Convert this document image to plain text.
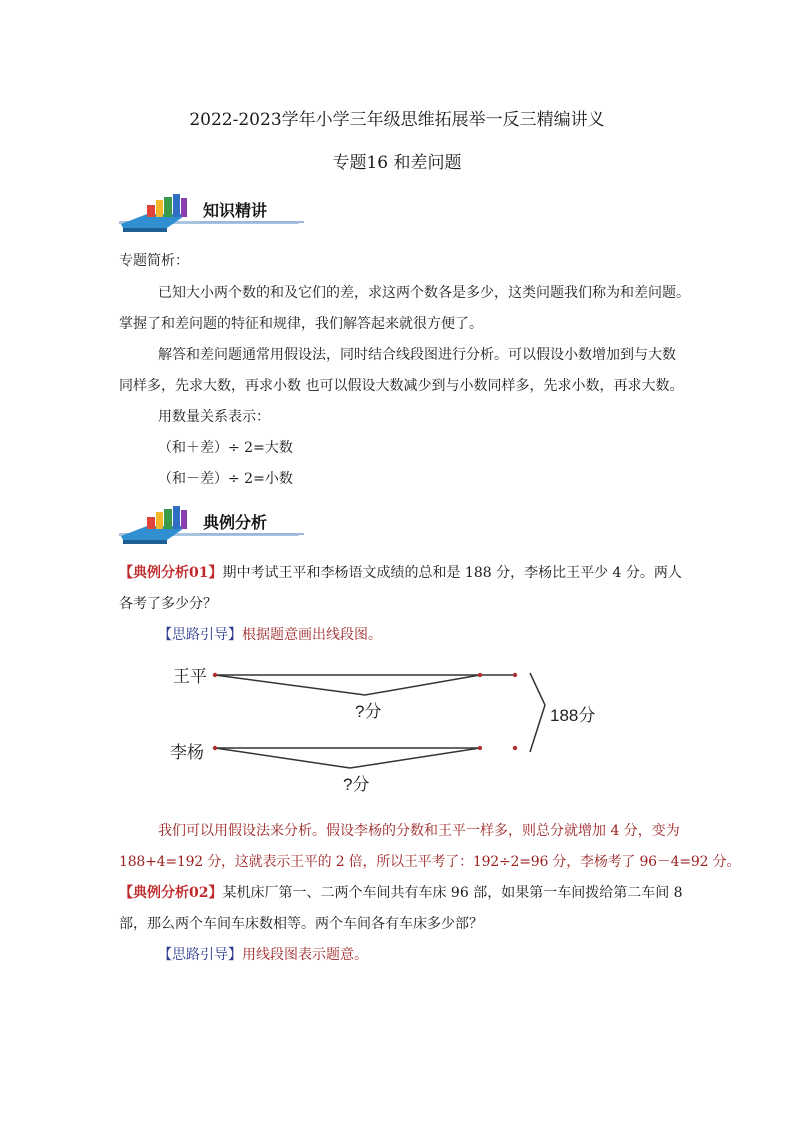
2022-2023学年小学三年级思维拓展举一反三精编讲义
专题16 和差问题
知识精讲
专题简析：
已知大小两个数的和及它们的差，求这两个数各是多少，这类问题我们称为和差问题。
掌握了和差问题的特征和规律，我们解答起来就很方便了。
解答和差问题通常用假设法，同时结合线段图进行分析。可以假设小数增加到与大数
同样多，先求大数，再求小数 也可以假设大数减少到与小数同样多，先求小数，再求大数。
用数量关系表示：
（和＋差）÷ 2=大数
（和－差）÷ 2=小数
典例分析
【典例分析01】期中考试王平和李杨语文成绩的总和是 188 分，李杨比王平少 4 分。两人
各考了多少分？
【思路引导】根据题意画出线段图。
王平
?分	188分
李杨
?分
我们可以用假设法来分析。假设李杨的分数和王平一样多，则总分就增加 4 分，变为
188+4=192 分，这就表示王平的 2 倍，所以王平考了：192÷2=96 分，李杨考了 96－4=92 分。
【典例分析02】某机床厂第一、二两个车间共有车床 96 部，如果第一车间拨给第二车间 8
部，那么两个车间车床数相等。两个车间各有车床多少部？
【思路引导】用线段图表示题意。
